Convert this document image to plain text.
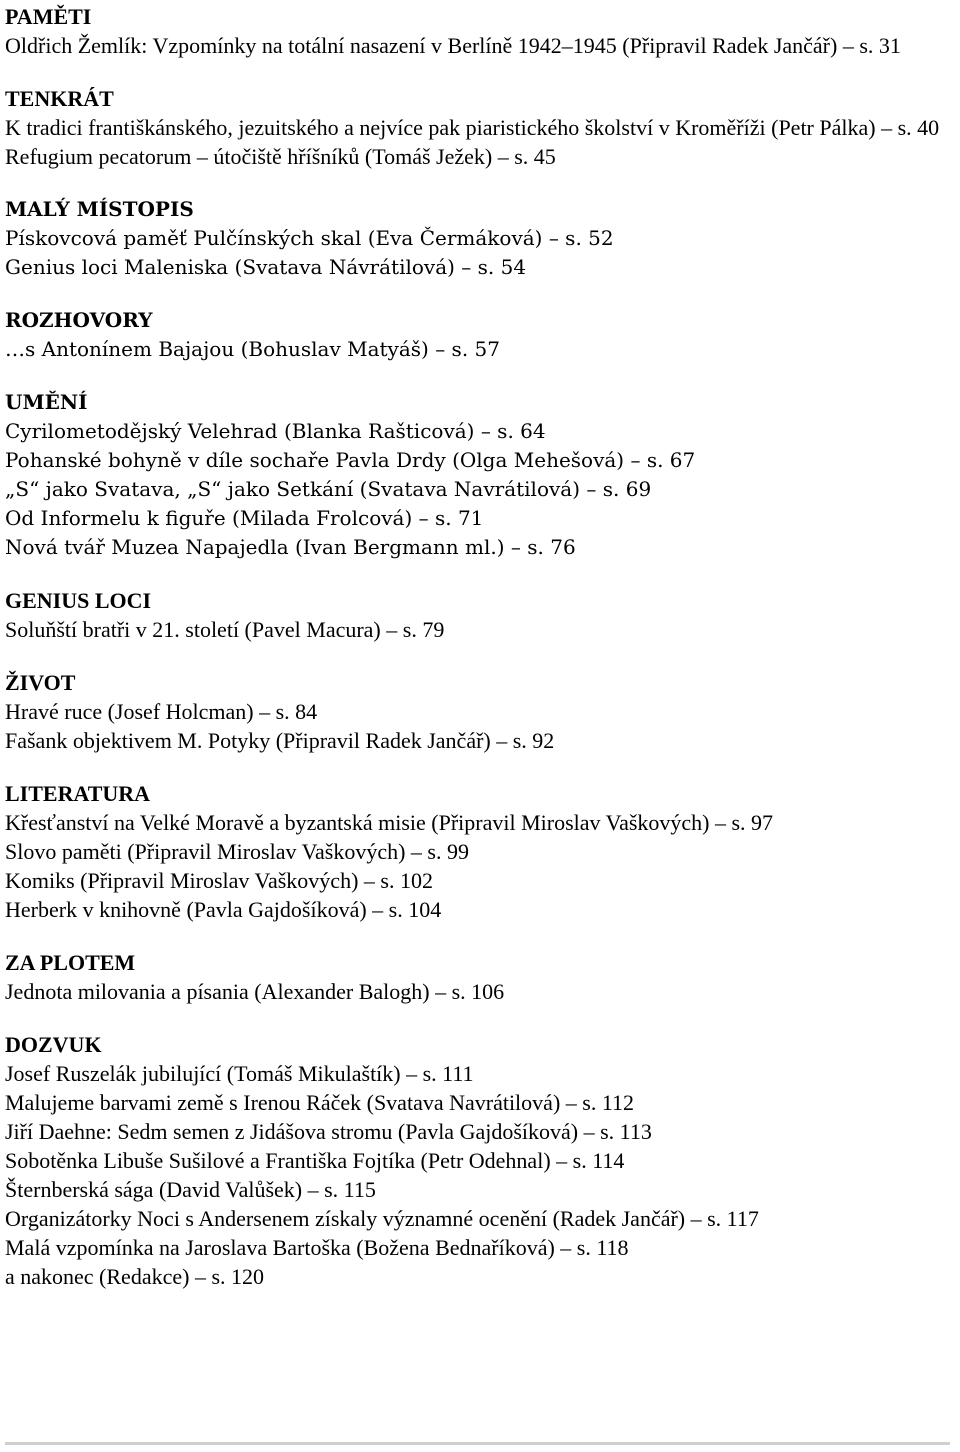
PAMĚTI

Oldřich Žemlík: Vzpomínky na totální nasazení v Berlíně 1942–1945 (Připravil Radek Jančář) – s. 31

TENKRÁT

K tradici františkánského, jezuitského a nejvíce pak piaristického školství v Kroměříži (Petr Pálka) – s. 40

Refugium pecatorum – útočiště hříšníků (Tomáš Ježek) – s. 45

MALÝ MÍSTOPIS

Pískovcová paměť Pulčínských skal (Eva Čermáková) – s. 52

Genius loci Maleniska (Svatava Návrátilová) – s. 54

ROZHOVORY

…s Antonínem Bajajou (Bohuslav Matyáš) – s. 57

UMĚNÍ

Cyrilometodějský Velehrad (Blanka Rašticová) – s. 64

Pohanské bohyně v díle sochaře Pavla Drdy (Olga Mehešová) – s. 67

„S“ jako Svatava, „S“ jako Setkání (Svatava Navrátilová) – s. 69

Od Informelu k figuře (Milada Frolcová) – s. 71

Nová tvář Muzea Napajedla (Ivan Bergmann ml.) – s. 76

GENIUS LOCI

Soluňští bratři v 21. století (Pavel Macura) – s. 79

ŽIVOT

Hravé ruce (Josef Holcman) – s. 84

Fašank objektivem M. Potyky (Připravil Radek Jančář) – s. 92

LITERATURA

Křesťanství na Velké Moravě a byzantská misie (Připravil Miroslav Vaškových) – s. 97

Slovo paměti (Připravil Miroslav Vaškových) – s. 99

Komiks (Připravil Miroslav Vaškových) – s. 102

Herberk v knihovně (Pavla Gajdošíková) – s. 104

ZA PLOTEM

Jednota milovania a písania (Alexander Balogh) – s. 106

DOZVUK

Josef Ruszelák jubilující (Tomáš Mikulaštík) – s. 111

Malujeme barvami země s Irenou Ráček (Svatava Navrátilová) – s. 112

Jiří Daehne: Sedm semen z Jidášova stromu (Pavla Gajdošíková) – s. 113

Sobotěnka Libuše Sušilové a Františka Fojtíka (Petr Odehnal) – s. 114

Šternberská sága (David Valůšek) – s. 115

Organizátorky Noci s Andersenem získaly významné ocenění (Radek Jančář) – s. 117

Malá vzpomínka na Jaroslava Bartoška (Božena Bednaříková) – s. 118

a nakonec (Redakce) – s. 120
